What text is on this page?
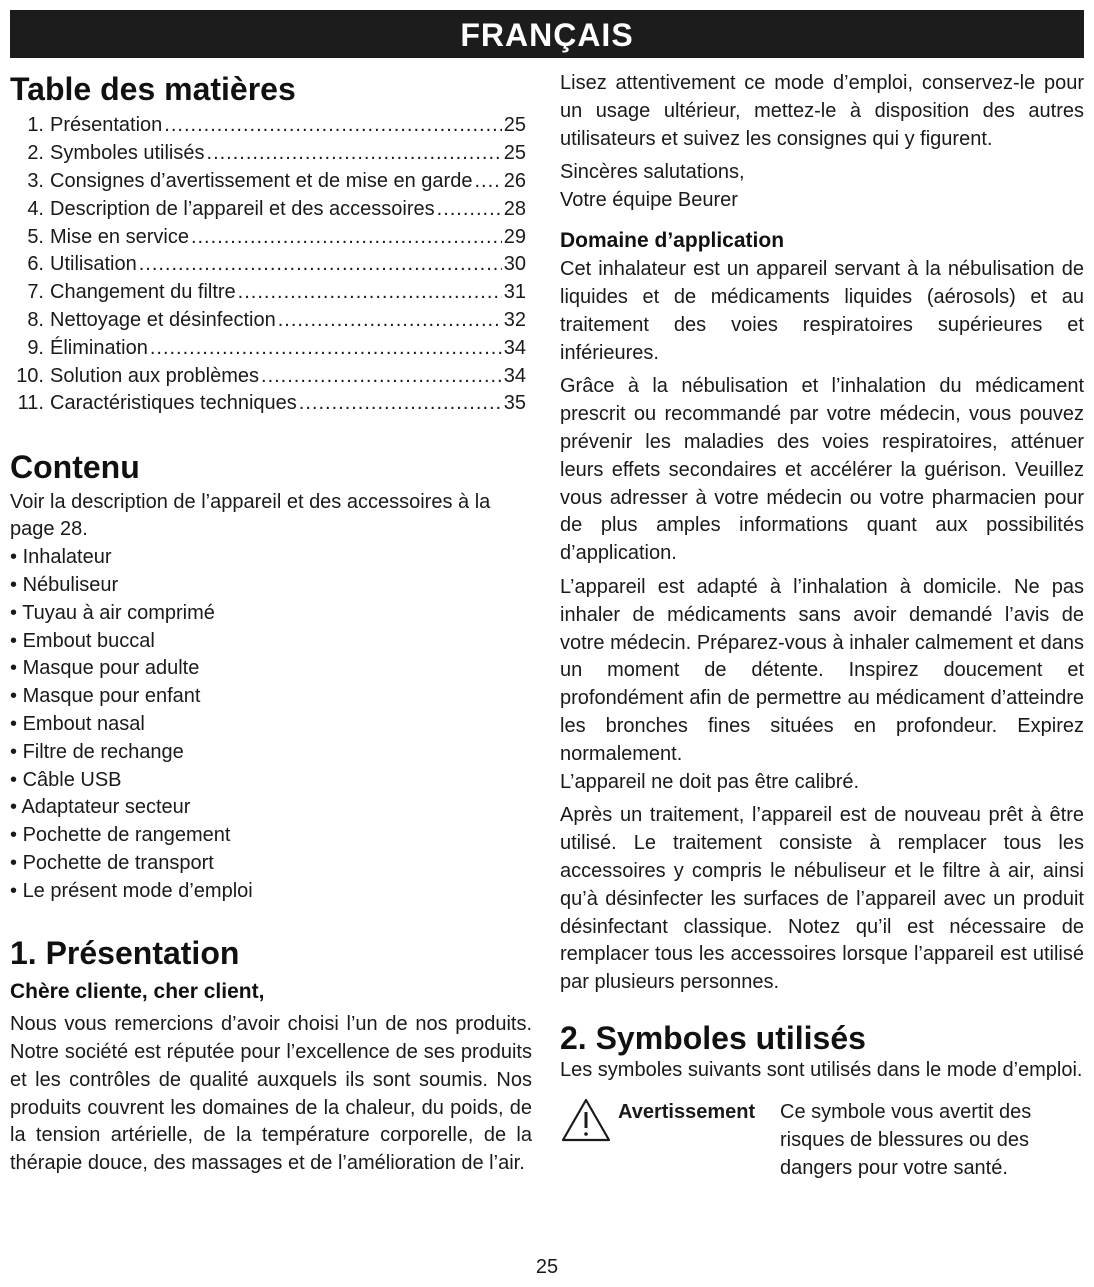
FRANÇAIS
Table des matières
1. Présentation .....	25
2. Symboles utilisés .....	25
3. Consignes d’avertissement et de mise en garde ..... 26
4. Description de l’appareil et des accessoires .....	28
5. Mise en service .....	29
6. Utilisation .....	30
7. Changement du filtre .....	31
8. Nettoyage et désinfection .....	32
9. Élimination .....	34
10. Solution aux problèmes .....	34
11. Caractéristiques techniques .....	35
Contenu

Voir la description de l’appareil et des accessoires à la page 28.

• Inhalateur
• Nébuliseur
• Tuyau à air comprimé
• Embout buccal
• Masque pour adulte
• Masque pour enfant
• Embout nasal
• Filtre de rechange
• Câble USB
• Adaptateur secteur
• Pochette de rangement
• Pochette de transport
• Le présent mode d’emploi
1. Présentation
Chère cliente, cher client,

Nous vous remercions d’avoir choisi l’un de nos produits. Notre société est réputée pour l’excellence de ses produits et les contrôles de qualité auxquels ils sont soumis. Nos produits couvrent les domaines de la chaleur, du poids, de la tension artérielle, de la température corporelle, de la thérapie douce, des massages et de l’amélioration de l’air.

Lisez attentivement ce mode d’emploi, conservez-le pour un usage ultérieur, mettez-le à disposition des autres utilisateurs et suivez les consignes qui y figurent.

Sincères salutations,

Votre équipe Beurer

Domaine d’application

Cet inhalateur est un appareil servant à la nébulisation de liquides et de médicaments liquides (aérosols) et au traitement des voies respiratoires supérieures et inférieures.

Grâce à la nébulisation et l’inhalation du médicament prescrit ou recommandé par votre médecin, vous pouvez prévenir les maladies des voies respiratoires, atténuer leurs effets secondaires et accélérer la guérison. Veuillez vous adresser à votre médecin ou votre pharmacien pour de plus amples informations quant aux possibilités d’application.

L’appareil est adapté à l’inhalation à domicile. Ne pas inhaler de médicaments sans avoir demandé l’avis de votre médecin. Préparez-vous à inhaler calmement et dans un moment de détente. Inspirez doucement et profondément afin de permettre au médicament d’atteindre les bronches fines situées en profondeur. Expirez normalement.

L’appareil ne doit pas être calibré.

Après un traitement, l’appareil est de nouveau prêt à être utilisé. Le traitement consiste à remplacer tous les accessoires y compris le nébuliseur et le filtre à air, ainsi qu’à désinfecter les surfaces de l’appareil avec un produit désinfectant classique. Notez qu’il est nécessaire de remplacer tous les accessoires lorsque l’appareil est utilisé par plusieurs personnes.

2. Symboles utilisés

Les symboles suivants sont utilisés dans le mode d’emploi.

Avertissement	Ce symbole vous avertit des risques de blessures ou des dangers pour votre santé.
25
